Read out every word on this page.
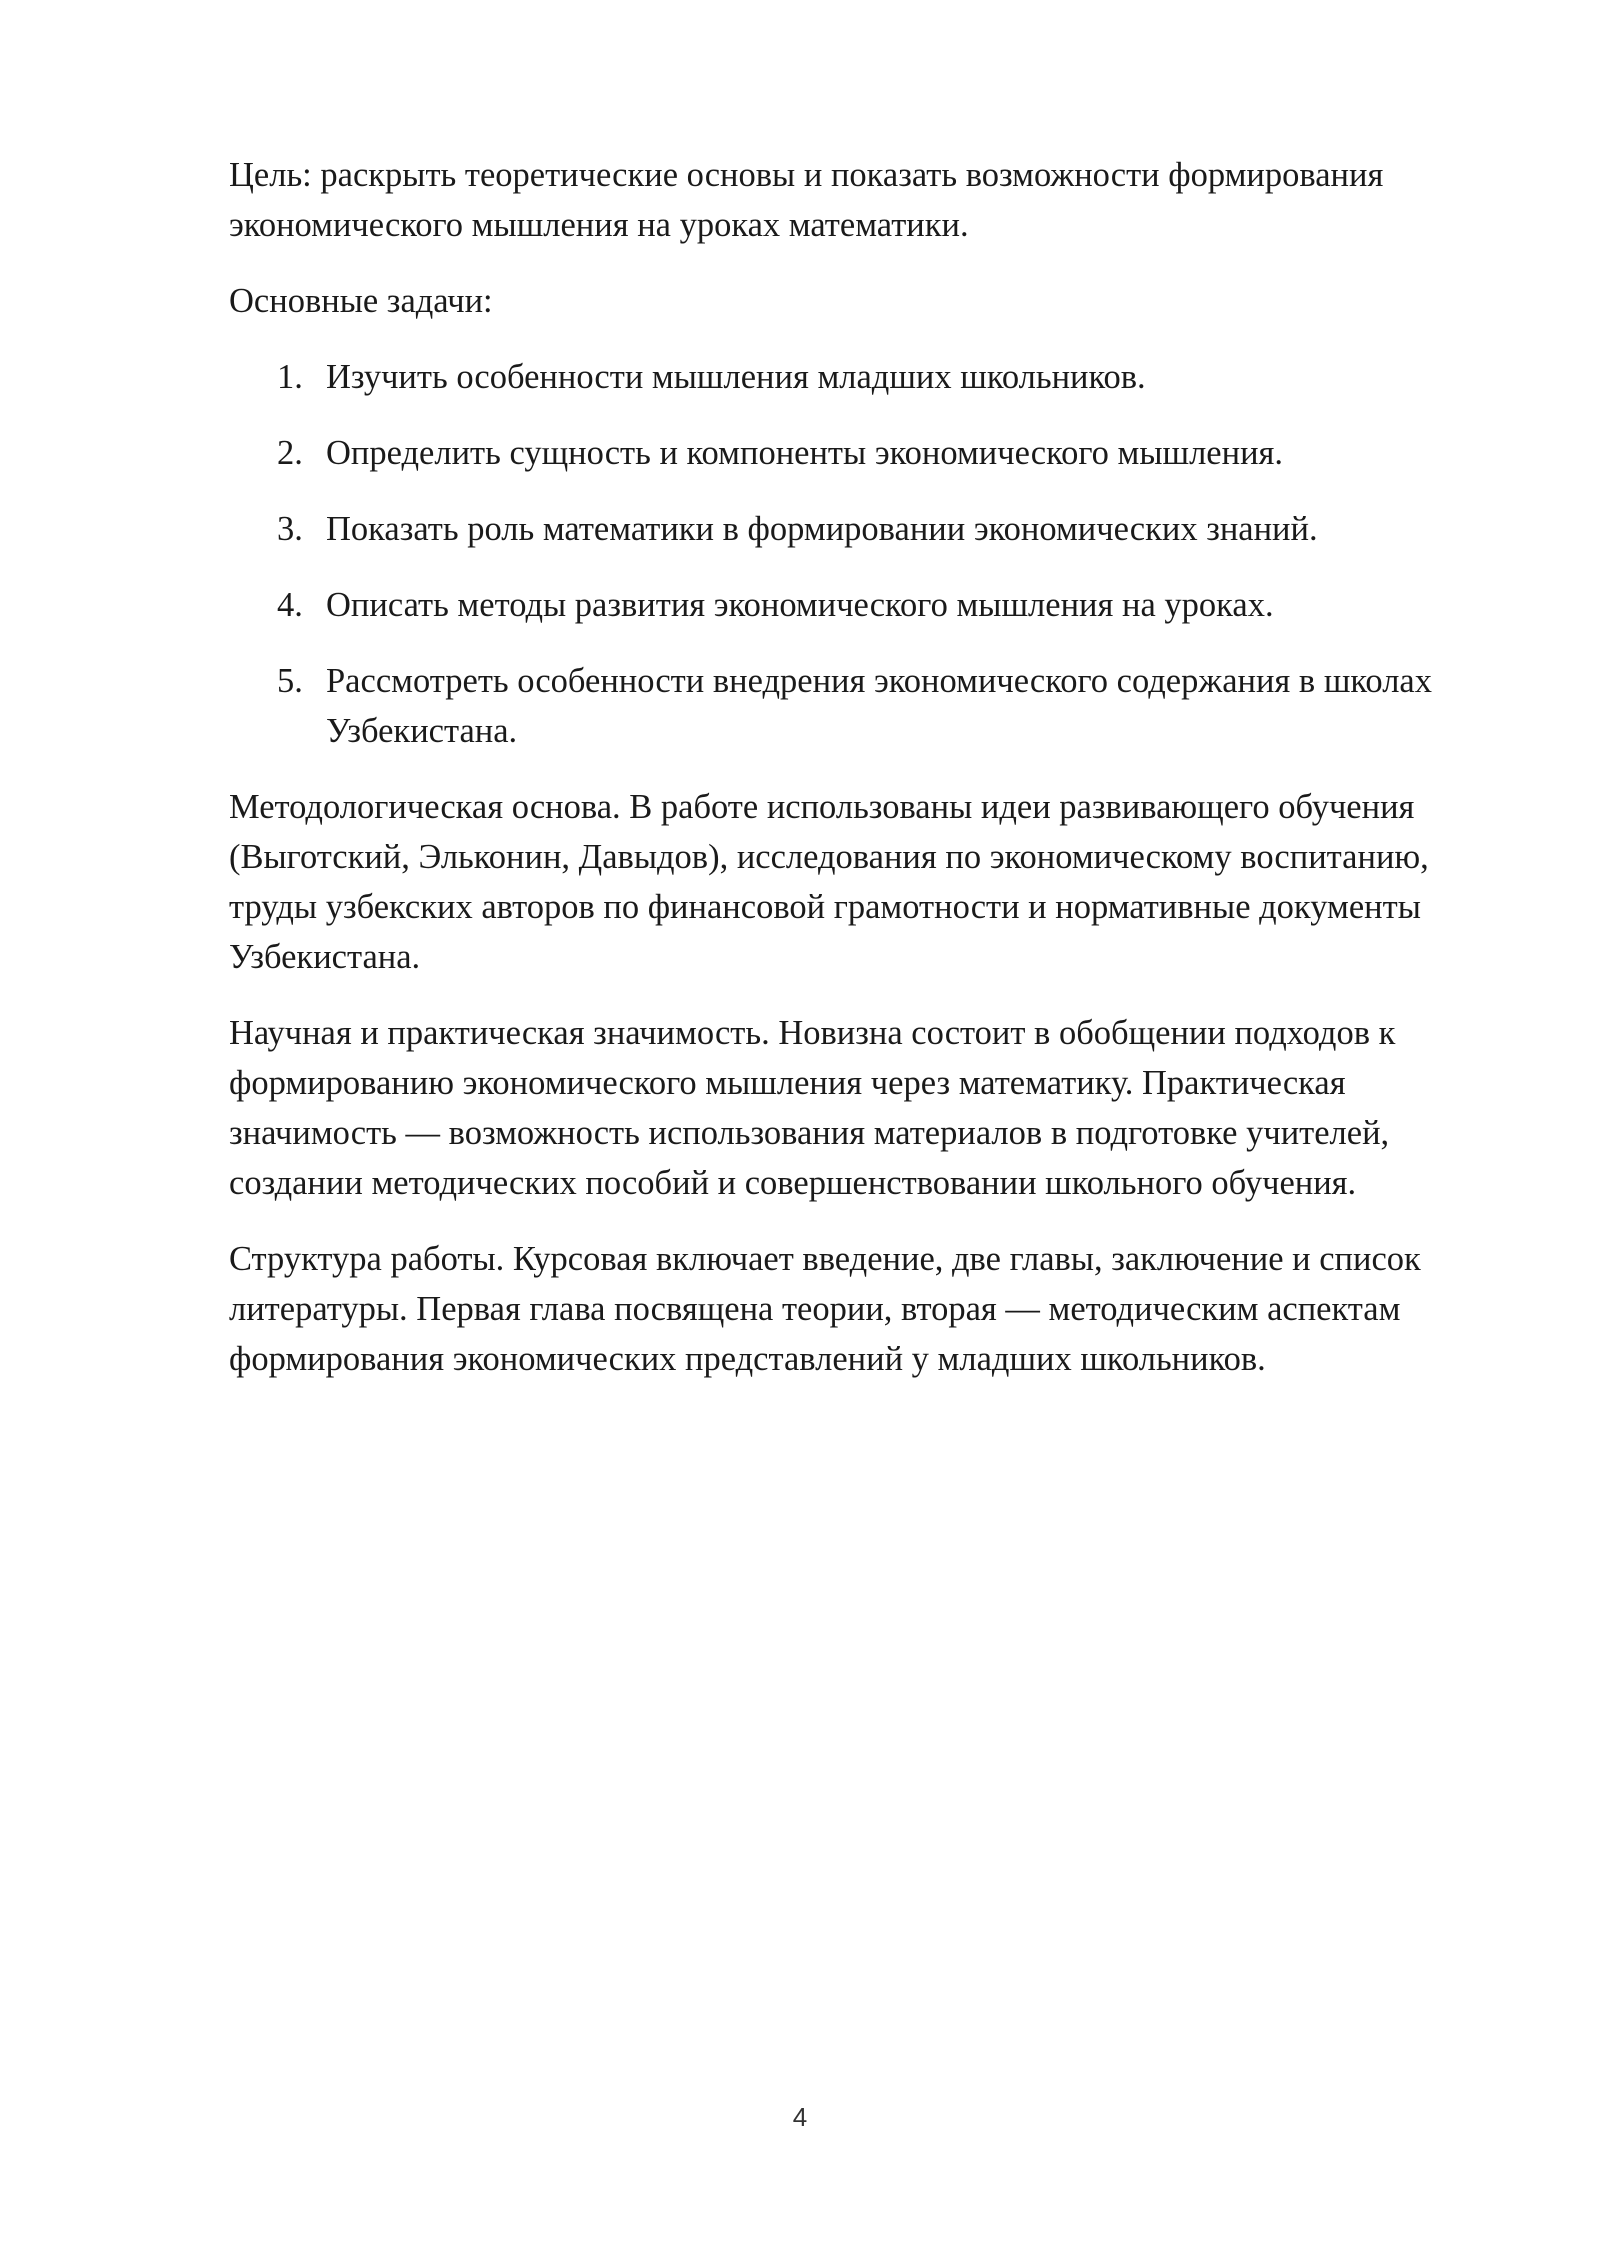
Цель: раскрыть теоретические основы и показать возможности формирования экономического мышления на уроках математики.

Основные задачи:

1. Изучить особенности мышления младших школьников.
2. Определить сущность и компоненты экономического мышления.
3. Показать роль математики в формировании экономических знаний.
4. Описать методы развития экономического мышления на уроках.
5. Рассмотреть особенности внедрения экономического содержания в школах Узбекистана.

Методологическая основа. В работе использованы идеи развивающего обучения (Выготский, Эльконин, Давыдов), исследования по экономическому воспитанию, труды узбекских авторов по финансовой грамотности и нормативные документы Узбекистана.

Научная и практическая значимость. Новизна состоит в обобщении подходов к формированию экономического мышления через математику. Практическая значимость — возможность использования материалов в подготовке учителей, создании методических пособий и совершенствовании школьного обучения.

Структура работы. Курсовая включает введение, две главы, заключение и список литературы. Первая глава посвящена теории, вторая — методическим аспектам формирования экономических представлений у младших школьников.

4
